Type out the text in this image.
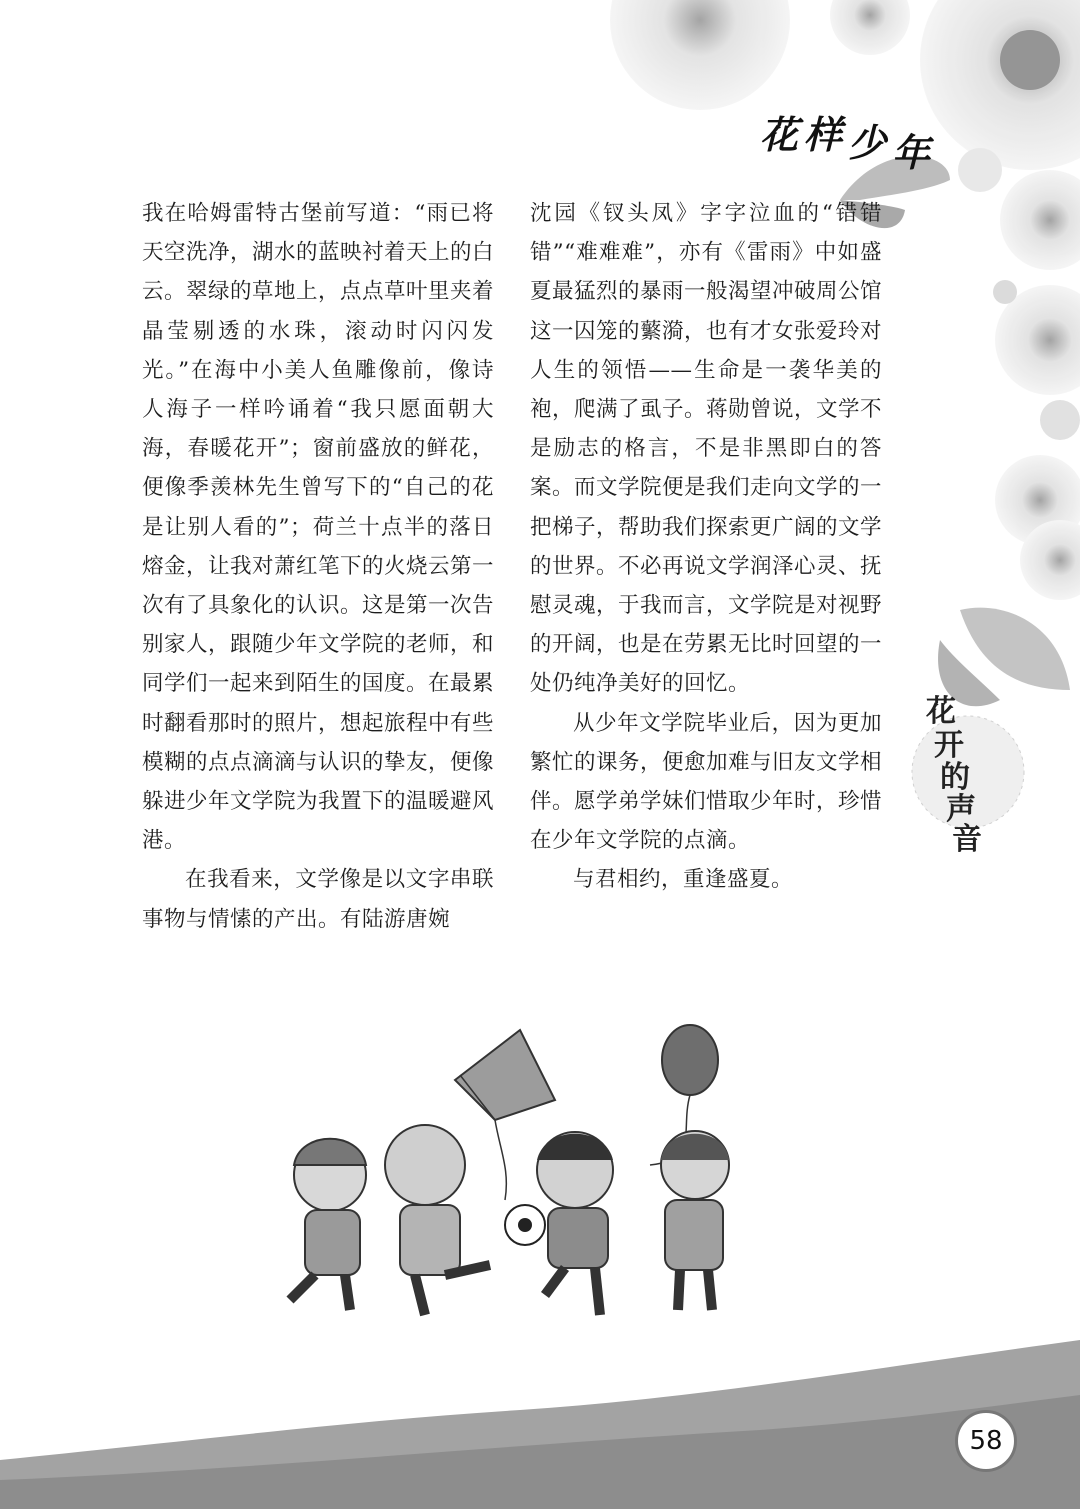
花样少年

我在哈姆雷特古堡前写道：“雨已将天空洗净，湖水的蓝映衬着天上的白云。翠绿的草地上，点点草叶里夹着晶莹剔透的水珠，滚动时闪闪发光。”在海中小美人鱼雕像前，像诗人海子一样吟诵着“我只愿面朝大海，春暖花开”；窗前盛放的鲜花，便像季羡林先生曾写下的“自己的花是让别人看的”；荷兰十点半的落日熔金，让我对萧红笔下的火烧云第一次有了具象化的认识。这是第一次告别家人，跟随少年文学院的老师，和同学们一起来到陌生的国度。在最累时翻看那时的照片，想起旅程中有些模糊的点点滴滴与认识的挚友，便像躲进少年文学院为我置下的温暖避风港。

在我看来，文学像是以文字串联事物与情愫的产出。有陆游唐婉

沈园《钗头凤》字字泣血的“错错错”“难难难”，亦有《雷雨》中如盛夏最猛烈的暴雨一般渴望冲破周公馆这一囚笼的蘩漪，也有才女张爱玲对人生的领悟——生命是一袭华美的袍，爬满了虱子。蒋勋曾说，文学不是励志的格言，不是非黑即白的答案。而文学院便是我们走向文学的一把梯子，帮助我们探索更广阔的文学的世界。不必再说文学润泽心灵、抚慰灵魂，于我而言，文学院是对视野的开阔，也是在劳累无比时回望的一处仍纯净美好的回忆。

从少年文学院毕业后，因为更加繁忙的课务，便愈加难与旧友文学相伴。愿学弟学妹们惜取少年时，珍惜在少年文学院的点滴。

与君相约，重逢盛夏。

花
开
的
声
音
58
